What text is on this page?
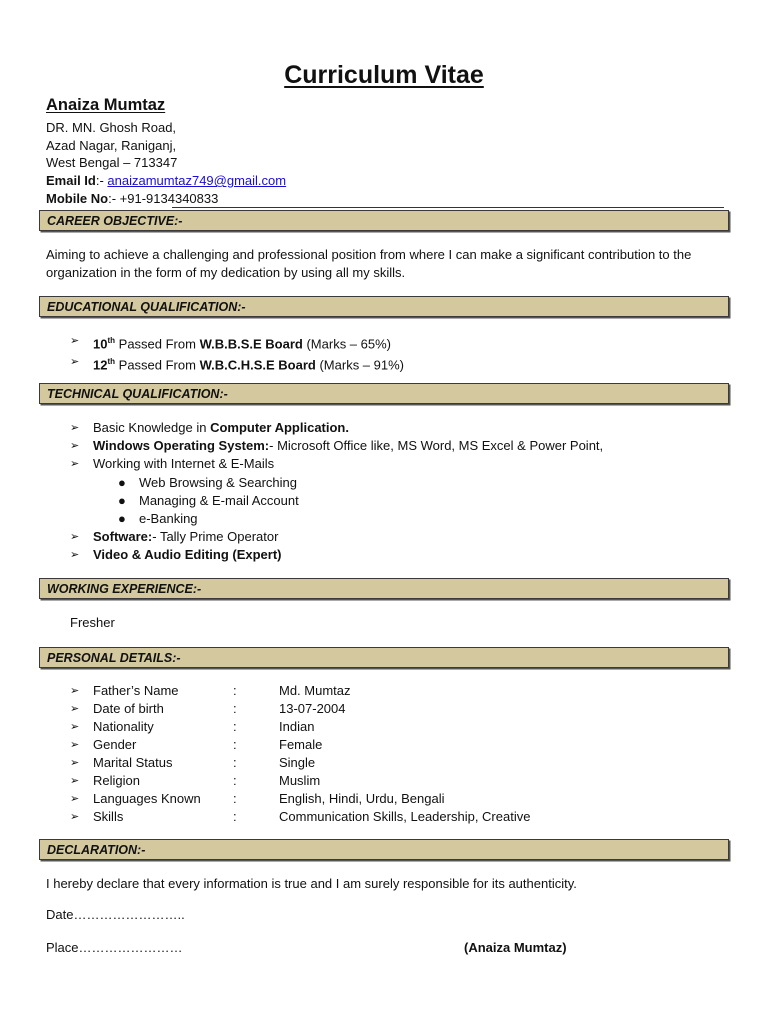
Curriculum Vitae
Anaiza Mumtaz
DR. MN. Ghosh Road,
Azad Nagar, Raniganj,
West Bengal – 713347
Email Id:- anaizamumtaz749@gmail.com
Mobile No:- +91-9134340833
CAREER OBJECTIVE:-
Aiming to achieve a challenging and professional position from where I can make a significant contribution to the organization in the form of my dedication by using all my skills.
EDUCATIONAL QUALIFICATION:-
➢ 10th Passed From W.B.B.S.E Board (Marks – 65%)
➢ 12th Passed From W.B.C.H.S.E Board (Marks – 91%)
TECHNICAL QUALIFICATION:-
➢ Basic Knowledge in Computer Application.
➢ Windows Operating System:- Microsoft Office like, MS Word, MS Excel & Power Point,
➢ Working with Internet & E-Mails
● Web Browsing & Searching
● Managing & E-mail Account
● e-Banking
➢ Software:- Tally Prime Operator
➢ Video & Audio Editing (Expert)
WORKING EXPERIENCE:-
Fresher
PERSONAL DETAILS:-
➢ Father’s Name	:	Md. Mumtaz
➢ Date of birth	:	13-07-2004
➢ Nationality	:	Indian
➢ Gender	:	Female
➢ Marital Status	:	Single
➢ Religion	:	Muslim
➢ Languages Known :	English, Hindi, Urdu, Bengali
➢ Skills	:	Communication Skills, Leadership, Creative
DECLARATION:-
I hereby declare that every information is true and I am surely responsible for its authenticity.
Date……………………..
Place……………………	(Anaiza Mumtaz)
